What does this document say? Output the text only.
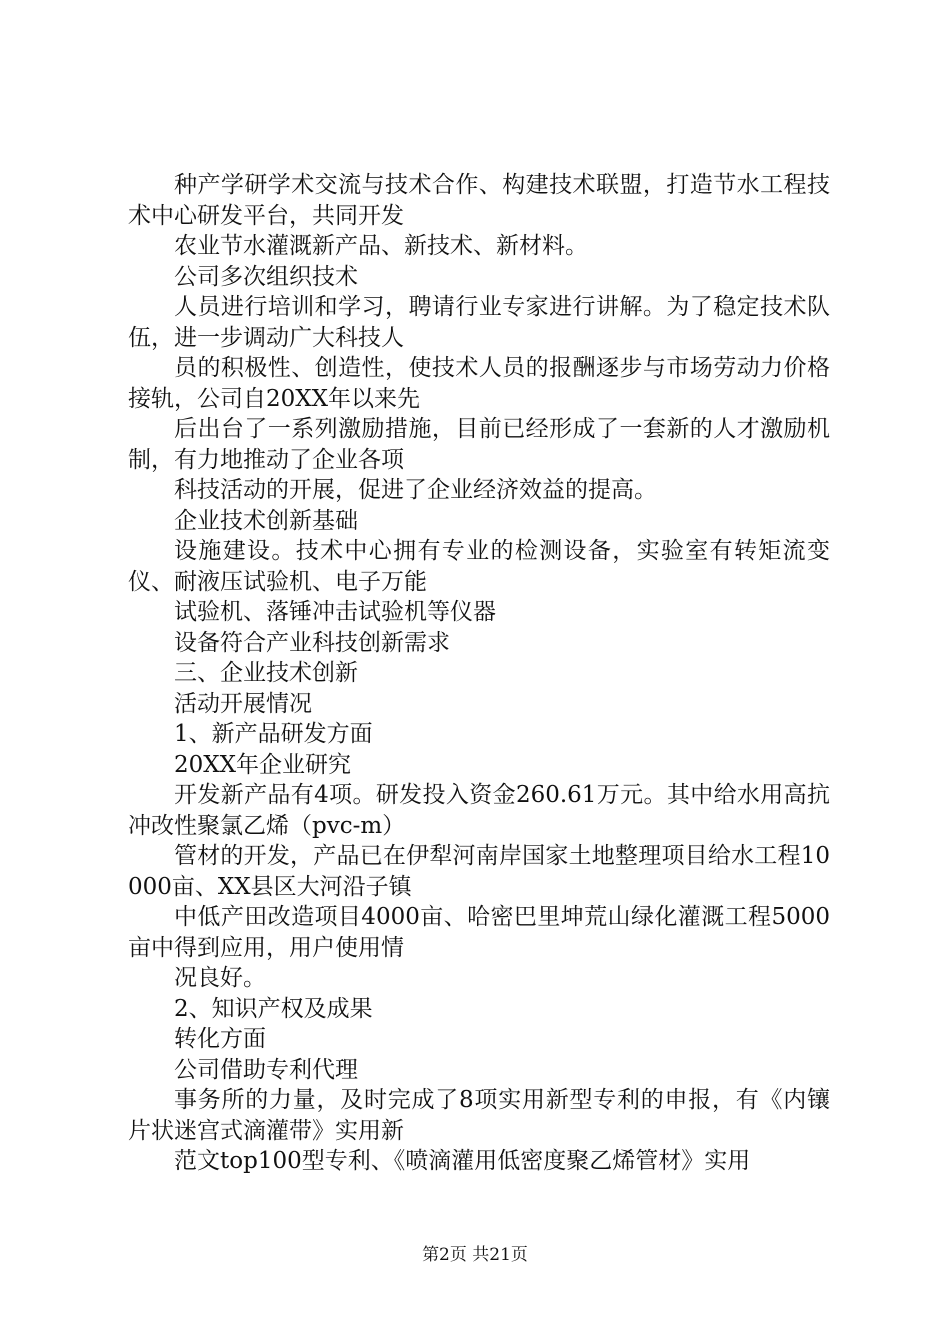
种产学研学术交流与技术合作、构建技术联盟，打造节水工程技术中心研发平台，共同开发

农业节水灌溉新产品、新技术、新材料。

公司多次组织技术

人员进行培训和学习，聘请行业专家进行讲解。为了稳定技术队伍，进一步调动广大科技人

员的积极性、创造性，使技术人员的报酬逐步与市场劳动力价格接轨，公司自20XX年以来先

后出台了一系列激励措施，目前已经形成了一套新的人才激励机制，有力地推动了企业各项

科技活动的开展，促进了企业经济效益的提高。

企业技术创新基础

设施建设。技术中心拥有专业的检测设备，实验室有转矩流变仪、耐液压试验机、电子万能

试验机、落锤冲击试验机等仪器

设备符合产业科技创新需求

三、企业技术创新

活动开展情况

1、新产品研发方面

20XX年企业研究

开发新产品有4项。研发投入资金260.61万元。其中给水用高抗冲改性聚氯乙烯（pvc-m）

管材的开发，产品已在伊犁河南岸国家土地整理项目给水工程10000亩、XX县区大河沿子镇

中低产田改造项目4000亩、哈密巴里坤荒山绿化灌溉工程5000亩中得到应用，用户使用情

况良好。

2、知识产权及成果

转化方面

公司借助专利代理

事务所的力量，及时完成了8项实用新型专利的申报，有《内镶片状迷宫式滴灌带》实用新

范文top100型专利、《喷滴灌用低密度聚乙烯管材》实用

第2页 共21页
